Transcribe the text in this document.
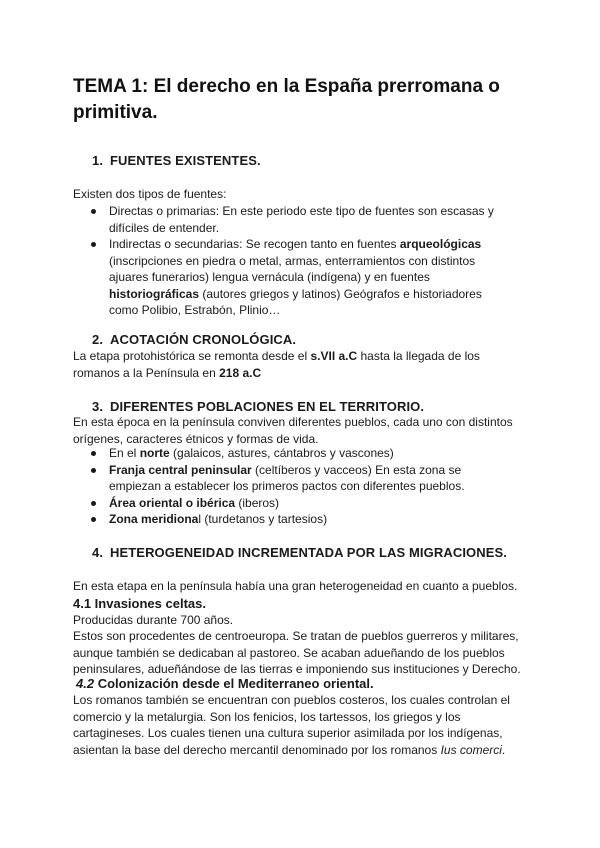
TEMA 1: El derecho en la España prerromana o primitiva.
1. FUENTES EXISTENTES.

Existen dos tipos de fuentes:

Directas o primarias: En este periodo este tipo de fuentes son escasas y difíciles de entender.
Indirectas o secundarias: Se recogen tanto en fuentes arqueológicas (inscripciones en piedra o metal, armas, enterramientos con distintos ajuares funerarios) lengua vernácula (indígena) y en fuentes historiográficas (autores griegos y latinos) Geógrafos e historiadores como Polibio, Estrabón, Plinio…
2. ACOTACIÓN CRONOLÓGICA.

La etapa protohistórica se remonta desde el s.VII a.C hasta la llegada de los romanos a la Península en 218 a.C

3. DIFERENTES POBLACIONES EN EL TERRITORIO.

En esta época en la península conviven diferentes pueblos, cada uno con distintos orígenes, caracteres étnicos y formas de vida.

En el norte (galaicos, astures, cántabros y vascones)
Franja central peninsular (celtíberos y vacceos) En esta zona se empiezan a establecer los primeros pactos con diferentes pueblos.
Área oriental o ibérica (iberos)
Zona meridional (turdetanos y tartesios)
4. HETEROGENEIDAD INCREMENTADA POR LAS MIGRACIONES.

En esta etapa en la península había una gran heterogeneidad en cuanto a pueblos.

4.1 Invasiones celtas.

Producidas durante 700 años.

Estos son procedentes de centroeuropa. Se tratan de pueblos guerreros y militares, aunque también se dedicaban al pastoreo. Se acaban adueñando de los pueblos peninsulares, adueñándose de las tierras e imponiendo sus instituciones y Derecho.

4.2 Colonización desde el Mediterraneo oriental.

Los romanos también se encuentran con pueblos costeros, los cuales controlan el comercio y la metalurgia. Son los fenicios, los tartessos, los griegos y los cartagineses. Los cuales tienen una cultura superior asimilada por los indígenas, asientan la base del derecho mercantil denominado por los romanos Ius comerci.
